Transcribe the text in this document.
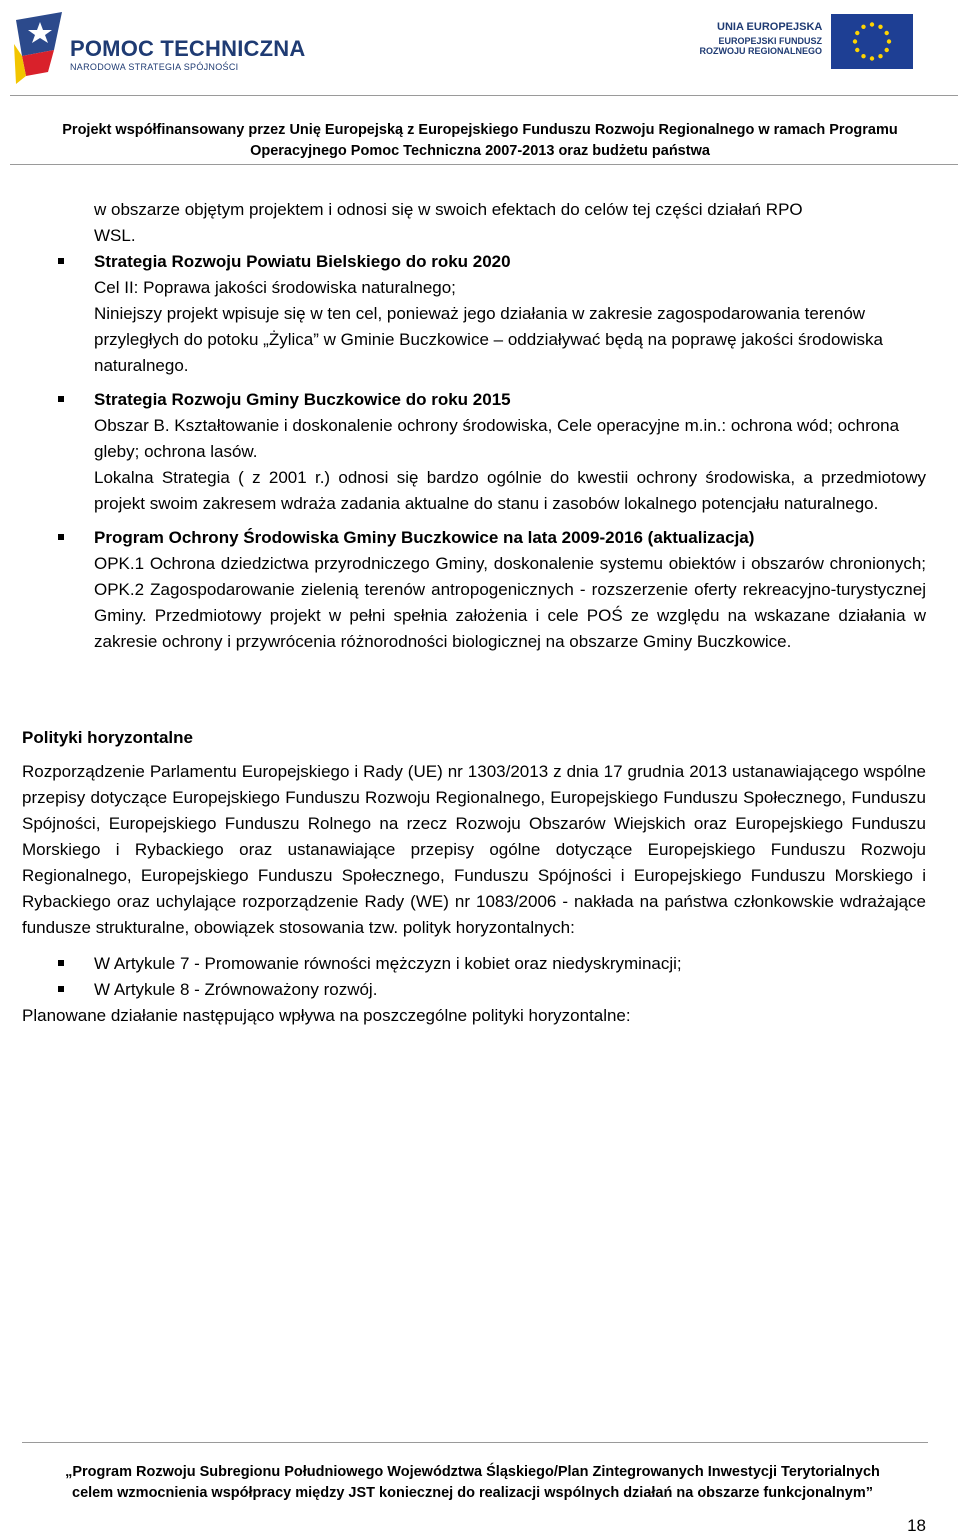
POMOC TECHNICZNA
NARODOWA STRATEGIA SPÓJNOŚCI
UNIA EUROPEJSKA
EUROPEJSKI FUNDUSZ
ROZWOJU REGIONALNEGO
Projekt współfinansowany przez Unię Europejską z Europejskiego Funduszu Rozwoju Regionalnego w ramach Programu
Operacyjnego Pomoc Techniczna 2007-2013 oraz budżetu państwa

w obszarze objętym projektem i odnosi się w swoich efektach do celów tej części działań RPO

WSL.

Strategia Rozwoju Powiatu Bielskiego do roku 2020

Cel II: Poprawa jakości środowiska naturalnego;

Niniejszy projekt wpisuje się w ten cel, ponieważ jego działania w zakresie zagospodarowania terenów przyległych do potoku „Żylica” w Gminie Buczkowice – oddziaływać będą na poprawę jakości środowiska naturalnego.

Strategia Rozwoju Gminy Buczkowice do roku 2015

Obszar B. Kształtowanie i doskonalenie ochrony środowiska, Cele operacyjne m.in.: ochrona wód; ochrona gleby; ochrona lasów.

Lokalna Strategia ( z 2001 r.) odnosi się bardzo ogólnie do kwestii ochrony środowiska, a przedmiotowy projekt swoim zakresem wdraża zadania aktualne do stanu i zasobów lokalnego potencjału naturalnego.

Program Ochrony Środowiska Gminy Buczkowice na lata 2009-2016 (aktualizacja)

OPK.1 Ochrona dziedzictwa przyrodniczego Gminy, doskonalenie systemu obiektów i obszarów chronionych; OPK.2 Zagospodarowanie zielenią terenów antropogenicznych - rozszerzenie oferty rekreacyjno-turystycznej Gminy. Przedmiotowy projekt w pełni spełnia założenia i cele POŚ ze względu na wskazane działania w zakresie ochrony i przywrócenia różnorodności biologicznej na obszarze Gminy Buczkowice.

Polityki horyzontalne

Rozporządzenie Parlamentu Europejskiego i Rady (UE) nr 1303/2013 z dnia 17 grudnia 2013 ustanawiającego wspólne przepisy dotyczące Europejskiego Funduszu Rozwoju Regionalnego, Europejskiego Funduszu Społecznego, Funduszu Spójności, Europejskiego Funduszu Rolnego na rzecz Rozwoju Obszarów Wiejskich oraz Europejskiego Funduszu Morskiego i Rybackiego oraz ustanawiające przepisy ogólne dotyczące Europejskiego Funduszu Rozwoju Regionalnego, Europejskiego Funduszu Społecznego, Funduszu Spójności i Europejskiego Funduszu Morskiego i Rybackiego oraz uchylające rozporządzenie Rady (WE) nr 1083/2006 - nakłada na państwa członkowskie wdrażające fundusze strukturalne, obowiązek stosowania tzw. polityk horyzontalnych:

W Artykule 7 - Promowanie równości mężczyzn i kobiet oraz niedyskryminacji;

W Artykule 8 - Zrównoważony rozwój.

Planowane działanie następująco wpływa na poszczególne polityki horyzontalne:

„Program Rozwoju Subregionu Południowego Województwa Śląskiego/Plan Zintegrowanych Inwestycji Terytorialnych
celem wzmocnienia współpracy między JST koniecznej do realizacji wspólnych działań na obszarze funkcjonalnym”
18
